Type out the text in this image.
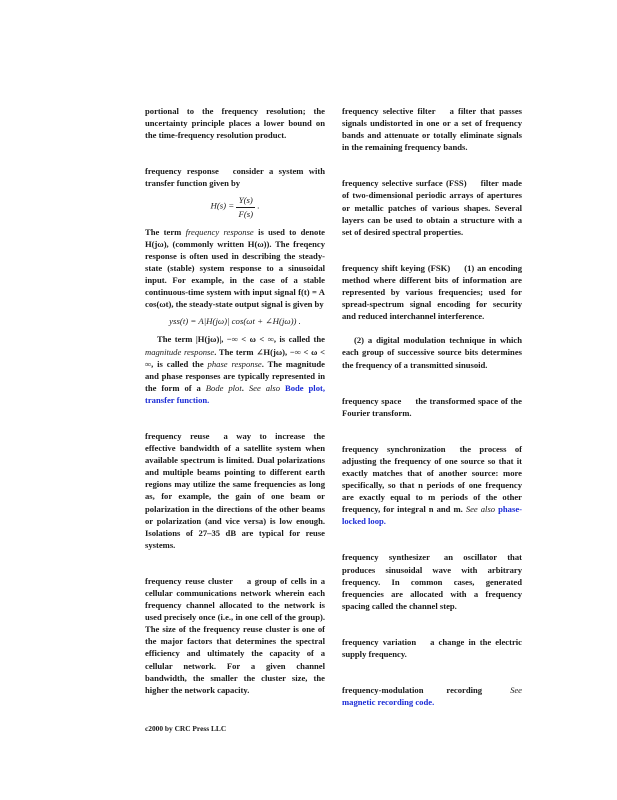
portional to the frequency resolution; the uncertainty principle places a lower bound on the time-frequency resolution product.

frequency response consider a system with transfer function given by

$H(s) = \frac{Y(s)}{F(s)}$ .

The term frequency response is used to denote H(jω), (commonly written H(ω)). The freqency response is often used in describing the steady-state (stable) system response to a sinusoidal input. For example, in the case of a stable continuous-time system with input signal f(t) = A cos(ωt), the steady-state output signal is given by

yss(t) = A|H(jω)| cos(ωt + ∠H(jω)) .

The term |H(jω)|, −∞ < ω < ∞, is called the magnitude response. The term ∠H(jω), −∞ < ω < ∞, is called the phase response. The magnitude and phase responses are typically represented in the form of a Bode plot. See also Bode plot, transfer function.

frequency reuse a way to increase the effective bandwidth of a satellite system when available spectrum is limited. Dual polarizations and multiple beams pointing to different earth regions may utilize the same frequencies as long as, for example, the gain of one beam or polarization in the directions of the other beams or polarization (and vice versa) is low enough. Isolations of 27–35 dB are typical for reuse systems.

frequency reuse cluster a group of cells in a cellular communications network wherein each frequency channel allocated to the network is used precisely once (i.e., in one cell of the group). The size of the frequency reuse cluster is one of the major factors that determines the spectral efficiency and ultimately the capacity of a cellular network. For a given channel bandwidth, the smaller the cluster size, the higher the network capacity.

frequency selective filter a filter that passes signals undistorted in one or a set of frequency bands and attenuate or totally eliminate signals in the remaining frequency bands.

frequency selective surface (FSS) filter made of two-dimensional periodic arrays of apertures or metallic patches of various shapes. Several layers can be used to obtain a structure with a set of desired spectral properties.

frequency shift keying (FSK) (1) an encoding method where different bits of information are represented by various frequencies; used for spread-spectrum signal encoding for security and reduced interchannel interference.

(2) a digital modulation technique in which each group of successive source bits determines the frequency of a transmitted sinusoid.

frequency space the transformed space of the Fourier transform.

frequency synchronization the process of adjusting the frequency of one source so that it exactly matches that of another source: more specifically, so that n periods of one frequency are exactly equal to m periods of the other frequency, for integral n and m. See also phase-locked loop.

frequency synthesizer an oscillator that produces sinusoidal wave with arbitrary frequency. In common cases, generated frequencies are allocated with a frequency spacing called the channel step.

frequency variation a change in the electric supply frequency.

frequency-modulation recording	See magnetic recording code.

c2000 by CRC Press LLC
